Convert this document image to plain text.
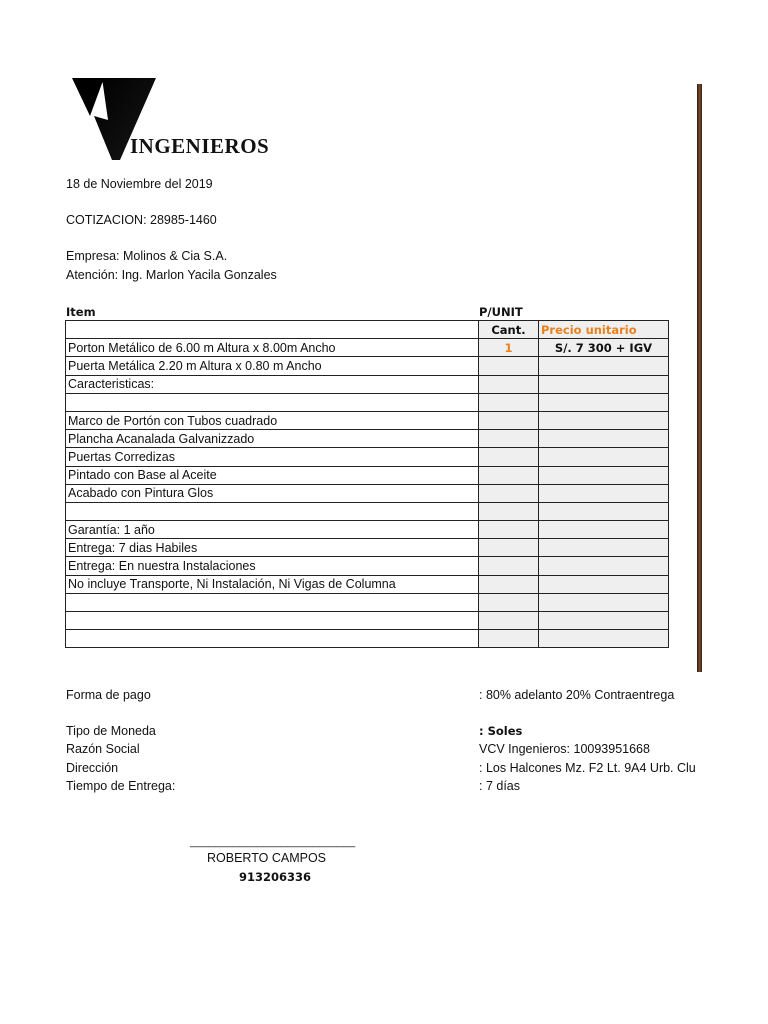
INGENIEROS
18 de Noviembre del 2019
COTIZACION: 28985-1460
Empresa: Molinos & Cia S.A.
Atención: Ing. Marlon Yacila Gonzales
Item	P/UNIT
	Cant.	Precio unitario
Porton Metálico de 6.00 m Altura x 8.00m Ancho	1	S/. 7 300 + IGV
Puerta Metálica 2.20 m Altura x 0.80 m Ancho		
Caracteristicas:		

Marco de Portón con Tubos cuadrado		
Plancha Acanalada Galvanizzado		
Puertas Corredizas		
Pintado con Base al Aceite		
Acabado con Pintura Glos		

Garantía: 1 año		
Entrega: 7 dias Habiles		
Entrega: En nuestra Instalaciones		
No incluye Transporte, Ni Instalación, Ni Vigas de Columna		

Forma de pago	: 80% adelanto 20% Contraentrega
Tipo de Moneda	: Soles
Razón Social	VCV Ingenieros: 10093951668
Dirección	: Los Halcones Mz. F2 Lt. 9A4 Urb. Clu
Tiempo de Entrega:	: 7 días
___________________________
ROBERTO CAMPOS
913206336
